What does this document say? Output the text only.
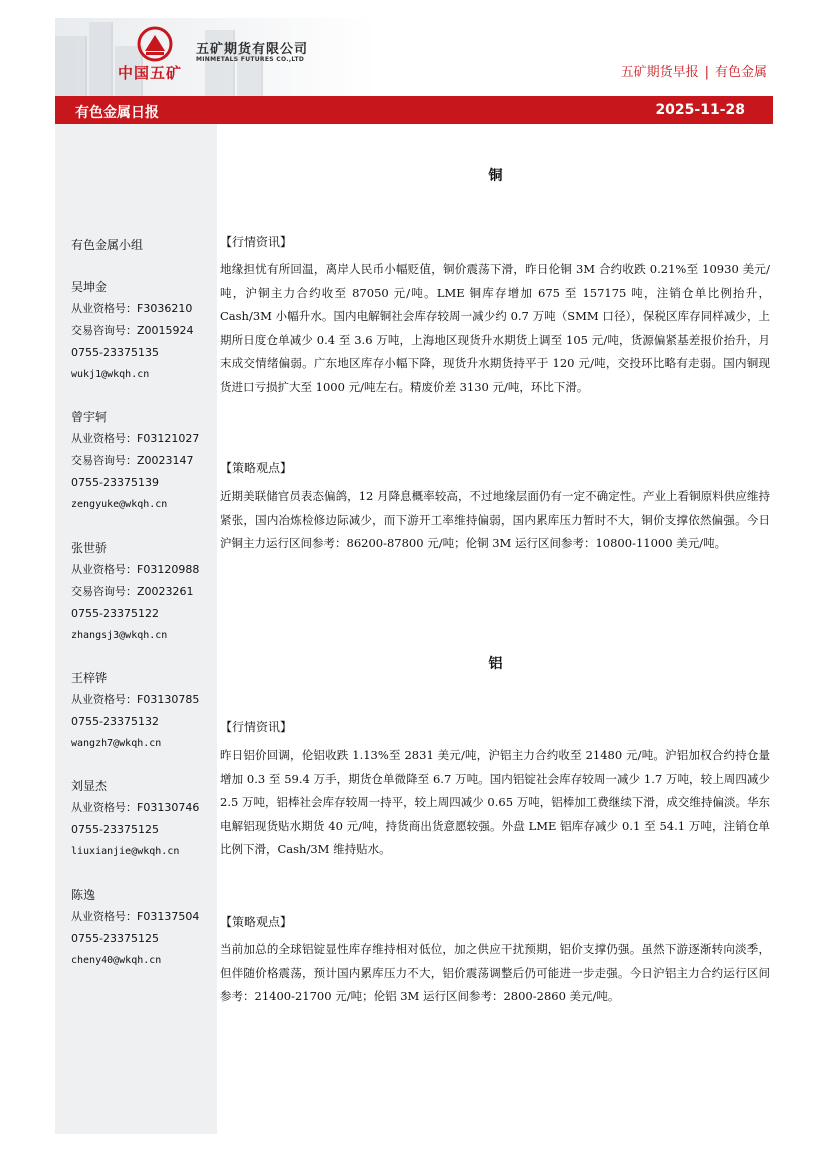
中国五矿
五矿期货有限公司
MINMETALS FUTURES CO.,LTD
五矿期货早报 | 有色金属
有色金属日报	2025-11-28
有色金属小组
吴坤金
从业资格号：F3036210
交易咨询号：Z0015924
0755-23375135
wukj1@wkqh.cn
曾宇轲
从业资格号：F03121027
交易咨询号：Z0023147
0755-23375139
zengyuke@wkqh.cn
张世骄
从业资格号：F03120988
交易咨询号：Z0023261
0755-23375122
zhangsj3@wkqh.cn
王梓铧
从业资格号：F03130785
0755-23375132
wangzh7@wkqh.cn
刘显杰
从业资格号：F03130746
0755-23375125
liuxianjie@wkqh.cn
陈逸
从业资格号：F03137504
0755-23375125
cheny40@wkqh.cn
铜
【行情资讯】
地缘担忧有所回温，离岸人民币小幅贬值，铜价震荡下滑，昨日伦铜 3M 合约收跌 0.21%至 10930 美元/吨，沪铜主力合约收至 87050 元/吨。LME 铜库存增加 675 至 157175 吨，注销仓单比例抬升，Cash/3M 小幅升水。国内电解铜社会库存较周一减少约 0.7 万吨（SMM 口径），保税区库存同样减少，上期所日度仓单减少 0.4 至 3.6 万吨，上海地区现货升水期货上调至 105 元/吨，货源偏紧基差报价抬升，月末成交情绪偏弱。广东地区库存小幅下降，现货升水期货持平于 120 元/吨，交投环比略有走弱。国内铜现货进口亏损扩大至 1000 元/吨左右。精废价差 3130 元/吨，环比下滑。
【策略观点】
近期美联储官员表态偏鸽，12 月降息概率较高，不过地缘层面仍有一定不确定性。产业上看铜原料供应维持紧张，国内冶炼检修边际减少，而下游开工率维持偏弱，国内累库压力暂时不大，铜价支撑依然偏强。今日沪铜主力运行区间参考：86200-87800 元/吨；伦铜 3M 运行区间参考：10800-11000 美元/吨。
铝
【行情资讯】
昨日铝价回调，伦铝收跌 1.13%至 2831 美元/吨，沪铝主力合约收至 21480 元/吨。沪铝加权合约持仓量增加 0.3 至 59.4 万手，期货仓单微降至 6.7 万吨。国内铝锭社会库存较周一减少 1.7 万吨，较上周四减少 2.5 万吨，铝棒社会库存较周一持平，较上周四减少 0.65 万吨，铝棒加工费继续下滑，成交维持偏淡。华东电解铝现货贴水期货 40 元/吨，持货商出货意愿较强。外盘 LME 铝库存减少 0.1 至 54.1 万吨，注销仓单比例下滑，Cash/3M 维持贴水。
【策略观点】
当前加总的全球铝锭显性库存维持相对低位，加之供应干扰预期，铝价支撑仍强。虽然下游逐渐转向淡季，但伴随价格震荡，预计国内累库压力不大，铝价震荡调整后仍可能进一步走强。今日沪铝主力合约运行区间参考：21400-21700 元/吨；伦铝 3M 运行区间参考：2800-2860 美元/吨。
